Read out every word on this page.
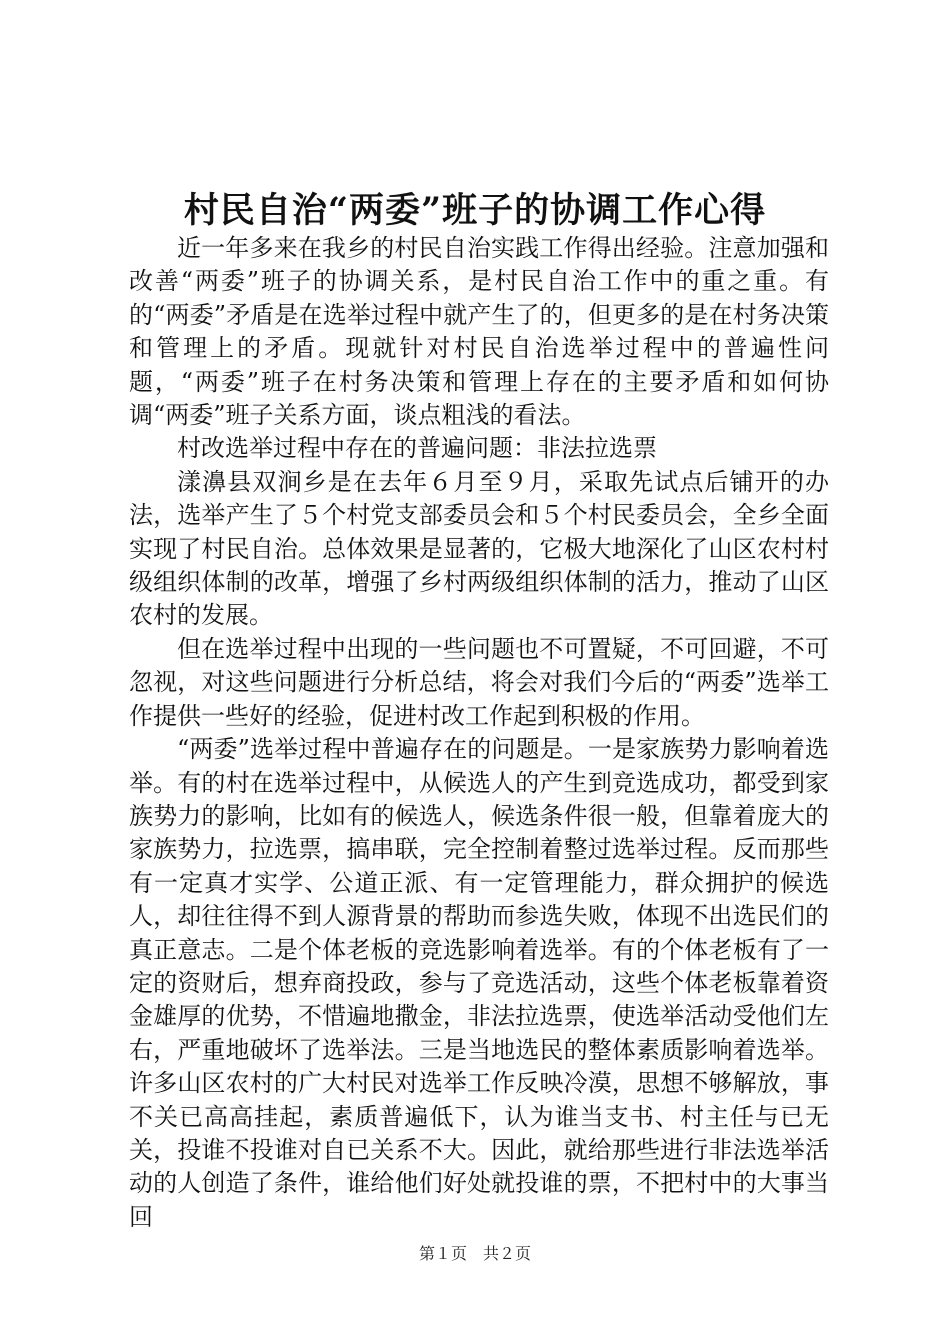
村民自治“两委”班子的协调工作心得

近一年多来在我乡的村民自治实践工作得出经验。注意加强和改善“两委”班子的协调关系，是村民自治工作中的重之重。有的“两委”矛盾是在选举过程中就产生了的，但更多的是在村务决策和管理上的矛盾。现就针对村民自治选举过程中的普遍性问题，“两委”班子在村务决策和管理上存在的主要矛盾和如何协调“两委”班子关系方面，谈点粗浅的看法。

村改选举过程中存在的普遍问题：非法拉选票

漾濞县双涧乡是在去年６月至９月，采取先试点后铺开的办法，选举产生了５个村党支部委员会和５个村民委员会，全乡全面实现了村民自治。总体效果是显著的，它极大地深化了山区农村村级组织体制的改革，增强了乡村两级组织体制的活力，推动了山区农村的发展。

但在选举过程中出现的一些问题也不可置疑，不可回避，不可忽视，对这些问题进行分析总结，将会对我们今后的“两委”选举工作提供一些好的经验，促进村改工作起到积极的作用。

“两委”选举过程中普遍存在的问题是。一是家族势力影响着选举。有的村在选举过程中，从候选人的产生到竞选成功，都受到家族势力的影响，比如有的候选人，候选条件很一般，但靠着庞大的家族势力，拉选票，搞串联，完全控制着整过选举过程。反而那些有一定真才实学、公道正派、有一定管理能力，群众拥护的候选人，却往往得不到人源背景的帮助而参选失败，体现不出选民们的真正意志。二是个体老板的竞选影响着选举。有的个体老板有了一定的资财后，想弃商投政，参与了竞选活动，这些个体老板靠着资金雄厚的优势，不惜遍地撒金，非法拉选票，使选举活动受他们左右，严重地破坏了选举法。三是当地选民的整体素质影响着选举。许多山区农村的广大村民对选举工作反映冷漠，思想不够解放，事不关已高高挂起，素质普遍低下，认为谁当支书、村主任与已无关，投谁不投谁对自已关系不大。因此，就给那些进行非法选举活动的人创造了条件，谁给他们好处就投谁的票，不把村中的大事当回

第１页　共２页
